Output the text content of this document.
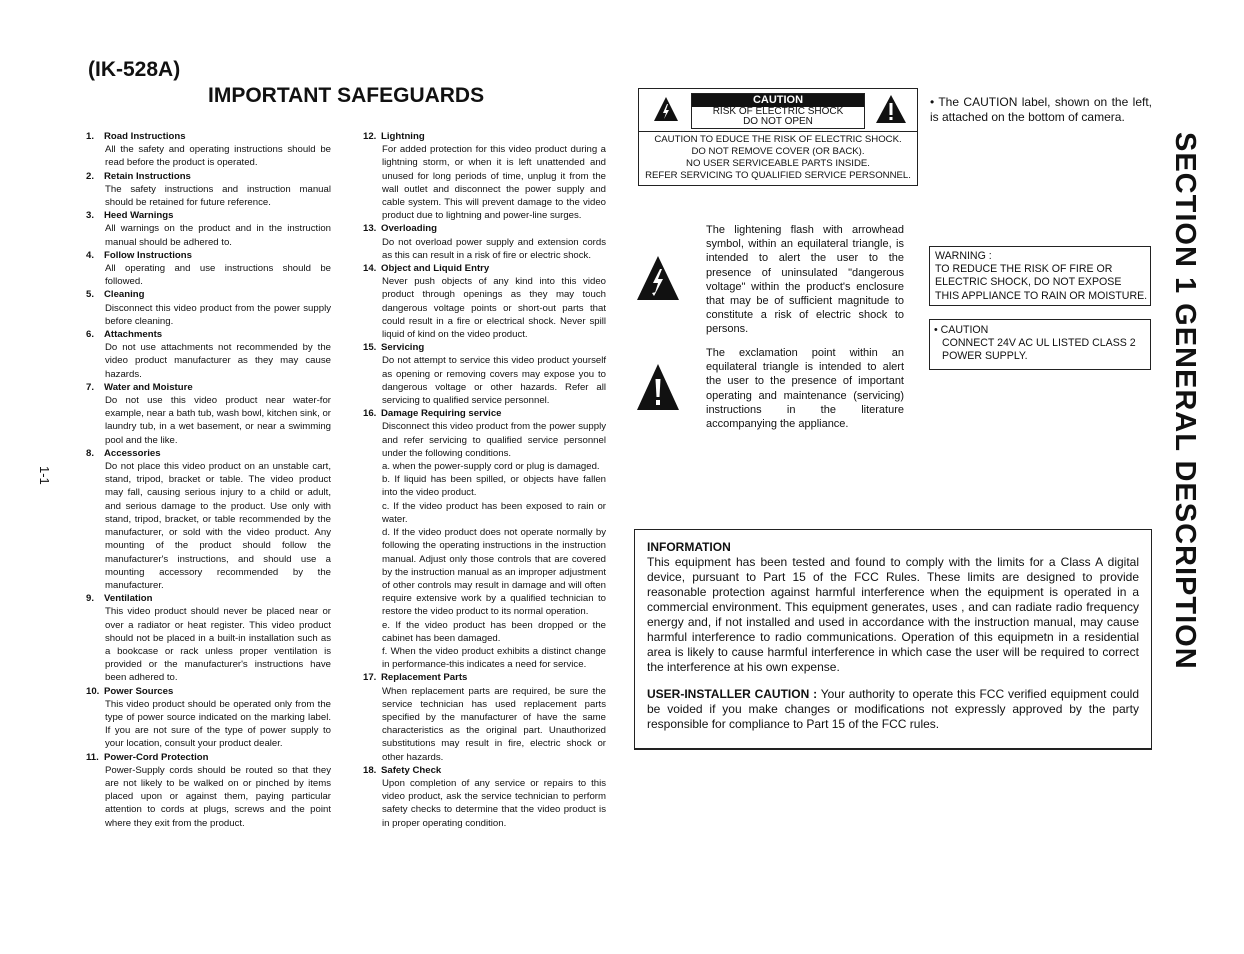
(IK-528A)
IMPORTANT SAFEGUARDS
1.	Road Instructions
All the safety and operating instructions should be read before the product is operated.
2.	Retain Instructions
The safety instructions and instruction manual should be retained for future reference.
3.	Heed Warnings
All warnings on the product and in the instruction manual should be adhered to.
4.	Follow Instructions
All operating and use instructions should be followed.
5.	Cleaning
Disconnect this video product from the power supply before cleaning.
6.	Attachments
Do not use attachments not recommended by the video product manufacturer as they may cause hazards.
7.	Water and Moisture
Do not use this video product near water-for example, near a bath tub, wash bowl, kitchen sink, or laundry tub, in a wet basement, or near a swimming pool and the like.
8.	Accessories
Do not place this video product on an unstable cart, stand, tripod, bracket or table. The video product may fall, causing serious injury to a child or adult, and serious damage to the product. Use only with stand, tripod, bracket, or table recommended by the manufacturer, or sold with the video product. Any mounting of the product should follow the manufacturer's instructions, and should use a mounting accessory recommended by the manufacturer.
9.	Ventilation
This video product should never be placed near or over a radiator or heat register. This video product should not be placed in a built-in installation such as a bookcase or rack unless proper ventilation is provided or the manufacturer's instructions have been adhered to.
10. Power Sources
This video product should be operated only from the type of power source indicated on the marking label. If you are not sure of the type of power supply to your location, consult your product dealer.
11. Power-Cord Protection
Power-Supply cords should be routed so that they are not likely to be walked on or pinched by items placed upon or against them, paying particular attention to cords at plugs, screws and the point where they exit from the product.
12. Lightning
For added protection for this video product during a lightning storm, or when it is left unattended and unused for long periods of time, unplug it from the wall outlet and disconnect the power supply and cable system. This will prevent damage to the video product due to lightning and power-line surges.
13. Overloading
Do not overload power supply and extension cords as this can result in a risk of fire or electric shock.
14. Object and Liquid Entry
Never push objects of any kind into this video product through openings as they may touch dangerous voltage points or short-out parts that could result in a fire or electrical shock. Never spill liquid of kind on the video product.
15. Servicing
Do not attempt to service this video product yourself as opening or removing covers may expose you to dangerous voltage or other hazards. Refer all servicing to qualified service personnel.
16. Damage Requiring service
Disconnect this video product from the power supply and refer servicing to qualified service personnel under the following conditions.
a. when the power-supply cord or plug is damaged.
b. If liquid has been spilled, or objects have fallen into the video product.
c. If the video product has been exposed to rain or water.
d. If the video product does not operate normally by following the operating instructions in the instruction manual. Adjust only those controls that are covered by the instruction manual as an improper adjustment of other controls may result in damage and will often require extensive work by a qualified technician to restore the video product to its normal operation.
e. If the video product has been dropped or the cabinet has been damaged.
f. When the video product exhibits a distinct change in performance-this indicates a need for service.
17. Replacement Parts
When replacement parts are required, be sure the service technician has used replacement parts specified by the manufacturer of have the same characteristics as the original part. Unauthorized substitutions may result in fire, electric shock or other hazards.
18. Safety Check
Upon completion of any service or repairs to this video product, ask the service technician to perform safety checks to determine that the video product is in proper operating condition.
CAUTION
RISK OF ELECTRIC SHOCK
DO NOT OPEN
CAUTION TO EDUCE THE RISK OF ELECTRIC SHOCK.
DO NOT REMOVE COVER (OR BACK).
NO USER SERVICEABLE PARTS INSIDE.
REFER SERVICING TO QUALIFIED SERVICE PERSONNEL.
• The CAUTION label, shown on the left, is attached on the bottom of camera.
The lightening flash with arrowhead symbol, within an equilateral triangle, is intended to alert the user to the presence of uninsulated "dangerous voltage" within the product's enclosure that may be of sufficient magnitude to constitute a risk of electric shock to persons.
The exclamation point within an equilateral triangle is intended to alert the user to the presence of important operating and maintenance (servicing) instructions in the literature accompanying the appliance.
WARNING :
TO REDUCE THE RISK OF FIRE OR
ELECTRIC SHOCK, DO NOT EXPOSE
THIS APPLIANCE TO RAIN OR MOISTURE.
• CAUTION
CONNECT 24V AC UL LISTED CLASS 2
POWER SUPPLY.
INFORMATION
This equipment has been tested and found to comply with the limits for a Class A digital device, pursuant to Part 15 of the FCC Rules. These limits are designed to provide reasonable protection against harmful interference when the equipment is operated in a commercial environment. This equipment generates, uses , and can radiate radio frequency energy and, if not installed and used in accordance with the instruction manual, may cause harmful interference to radio communications. Operation of this equipmetn in a residential area is likely to cause harmful interference in which case the user will be required to correct the interference at his own expense.
USER-INSTALLER CAUTION : Your authority to operate this FCC verified equipment could be voided if you make changes or modifications not expressly approved by the party responsible for compliance to Part 15 of the FCC rules.
SECTION 1 GENERAL DESCRIPTION
1-1
